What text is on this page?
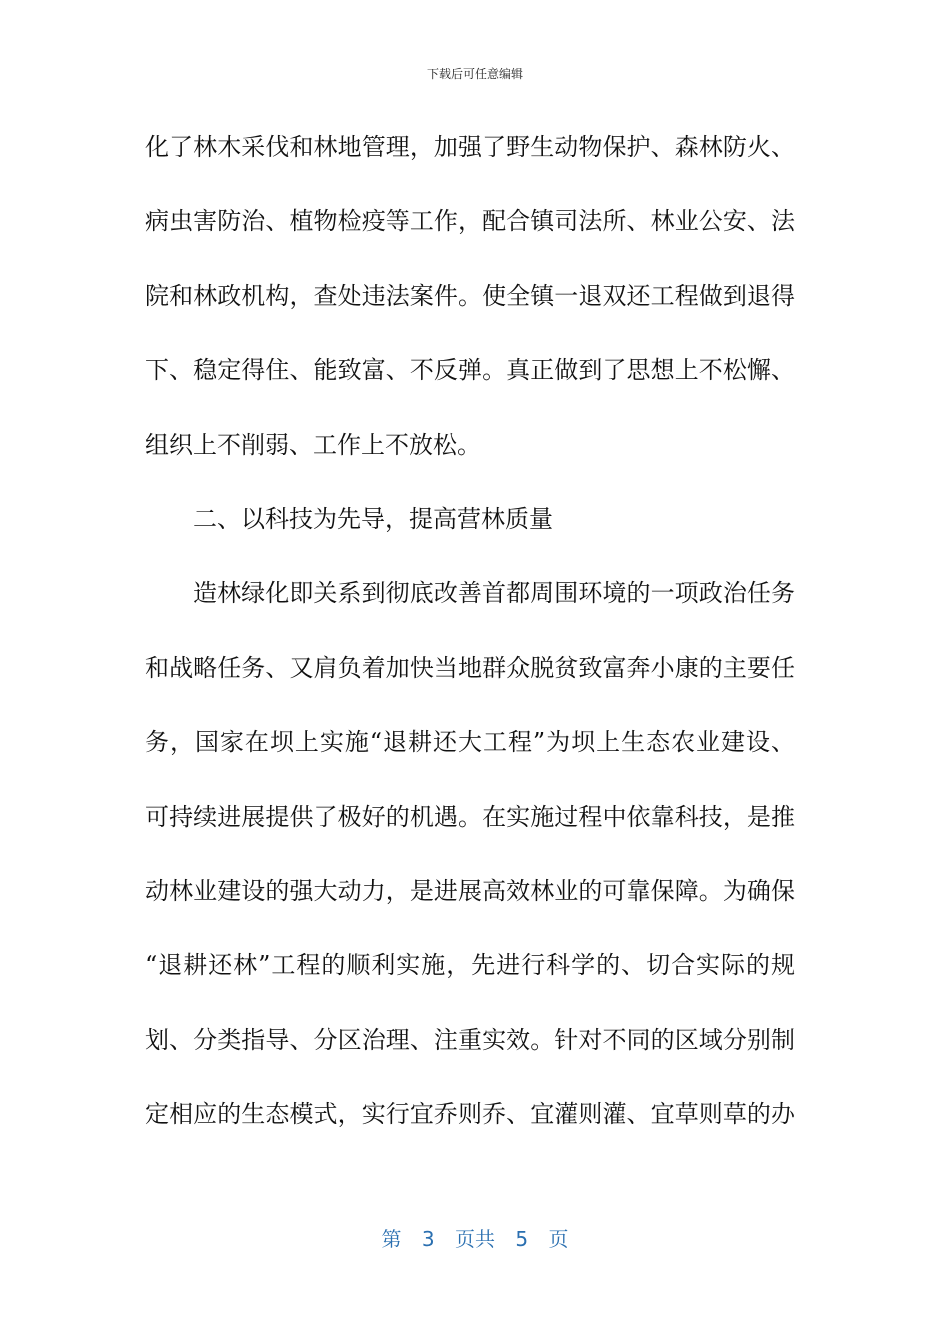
下载后可任意编辑
化了林木采伐和林地管理，加强了野生动物保护、森林防火、
病虫害防治、植物检疫等工作，配合镇司法所、林业公安、法
院和林政机构，查处违法案件。使全镇一退双还工程做到退得
下、稳定得住、能致富、不反弹。真正做到了思想上不松懈、
组织上不削弱、工作上不放松。
二、以科技为先导，提高营林质量
造林绿化即关系到彻底改善首都周围环境的一项政治任务
和战略任务、又肩负着加快当地群众脱贫致富奔小康的主要任
务，国家在坝上实施“退耕还大工程”为坝上生态农业建设、
可持续进展提供了极好的机遇。在实施过程中依靠科技，是推
动林业建设的强大动力，是进展高效林业的可靠保障。为确保
“退耕还林”工程的顺利实施，先进行科学的、切合实际的规
划、分类指导、分区治理、注重实效。针对不同的区域分别制
定相应的生态模式，实行宜乔则乔、宜灌则灌、宜草则草的办
第 3 页共 5 页
